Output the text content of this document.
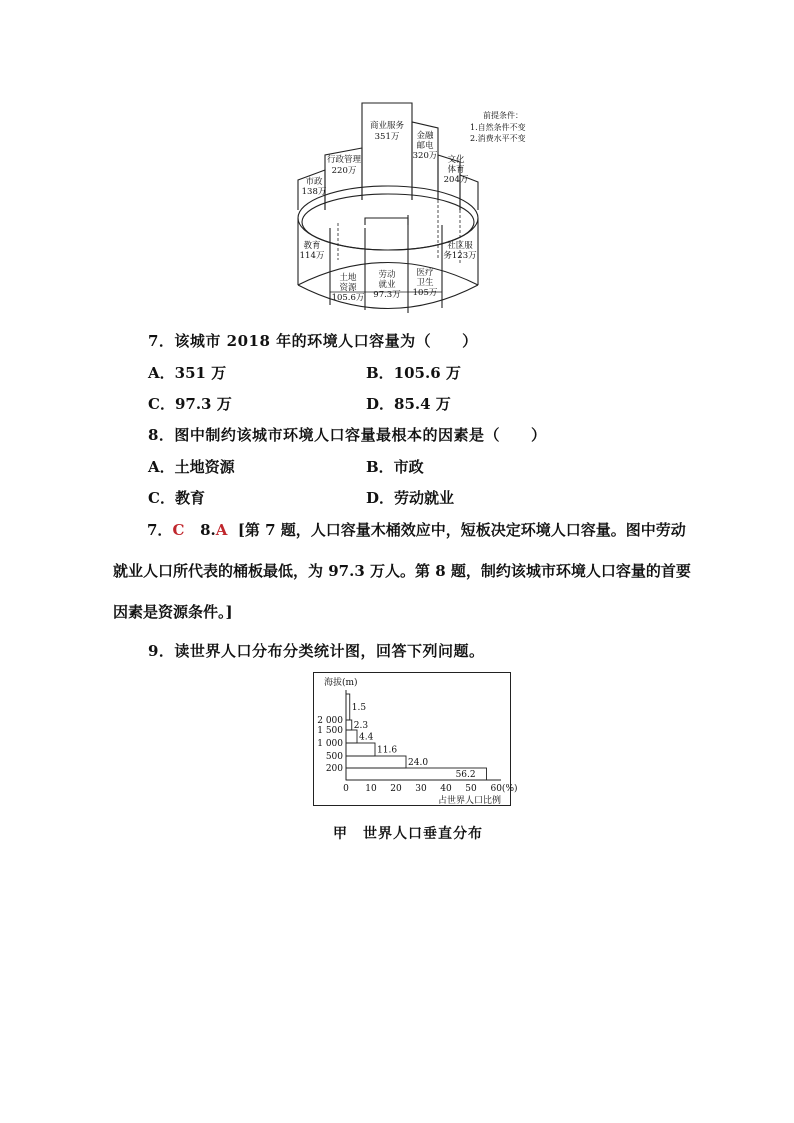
商业服务
351万
行政管理
220万
金融
邮电
320万 文化
体育
204万
市政
138万
教育
114万
社区服
务123万
土地
资源
105.6万
劳动
就业
97.3万
医疗
卫生
105万
前提条件：
1.自然条件不变
2.消费水平不变
7．该城市 2018 年的环境人口容量为（　　）
A．351 万	B．105.6 万
C．97.3 万	D．85.4 万
8．图中制约该城市环境人口容量最根本的因素是（　　）
A．土地资源	B．市政
C．教育	D．劳动就业
7．C 8.A [第 7 题，人口容量木桶效应中，短板决定环境人口容量。图中劳动就业人口所代表的桶板最低，为 97.3 万人。第 8 题，制约该城市环境人口容量的首要因素是资源条件。]
9．读世界人口分布分类统计图，回答下列问题。
海拔(m)
1.5
2.3
4.4
11.6
24.0
56.2
2 000
1 500
1 000
500
200
0 10 20 30 40 50 60(%)
占世界人口比例
甲　世界人口垂直分布
